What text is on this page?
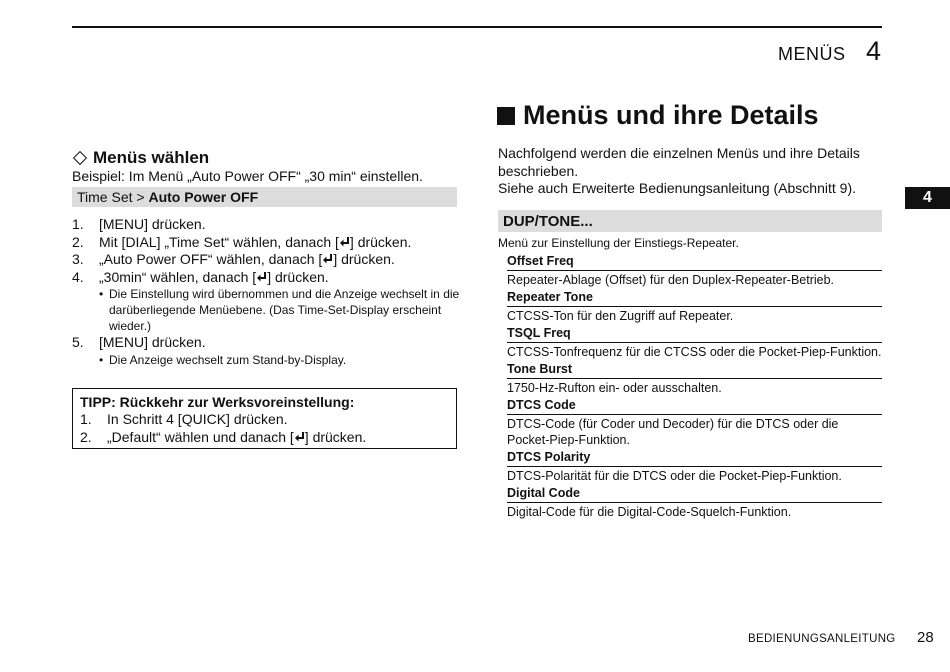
MENÜS 4
Menüs und ihre Details
Nachfolgend werden die einzelnen Menüs und ihre Details
beschrieben.
Siehe auch Erweiterte Bedienungsanleitung (Abschnitt 9).
4
Menüs wählen
Beispiel: Im Menü „Auto Power OFF“ „30 min“ einstellen.
Time Set > Auto Power OFF
1.	[MENU] drücken.
2.	Mit [DIAL] „Time Set“ wählen, danach [ ] drücken.
3.	„Auto Power OFF“ wählen, danach [ ] drücken.
4.	„30min“ wählen, danach [ ] drücken.
• Die Einstellung wird übernommen und die Anzeige wechselt in die darüberliegende Menüebene. (Das Time-Set-Display erscheint wieder.)
5.	[MENU] drücken.
• Die Anzeige wechselt zum Stand-by-Display.
TIPP: Rückkehr zur Werksvoreinstellung:
1.	In Schritt 4 [QUICK] drücken.
2.	„Default“ wählen und danach [ ] drücken.
DUP/TONE...
Menü zur Einstellung der Einstiegs-Repeater.
Offset Freq
Repeater-Ablage (Offset) für den Duplex-Repeater-Betrieb.
Repeater Tone
CTCSS-Ton für den Zugriff auf Repeater.
TSQL Freq
CTCSS-Tonfrequenz für die CTCSS oder die Pocket-Piep-Funktion.
Tone Burst
1750-Hz-Rufton ein- oder ausschalten.
DTCS Code
DTCS-Code (für Coder und Decoder) für die DTCS oder die Pocket-Piep-Funktion.
DTCS Polarity
DTCS-Polarität für die DTCS oder die Pocket-Piep-Funktion.
Digital Code
Digital-Code für die Digital-Code-Squelch-Funktion.
BEDIENUNGSANLEITUNG 28
